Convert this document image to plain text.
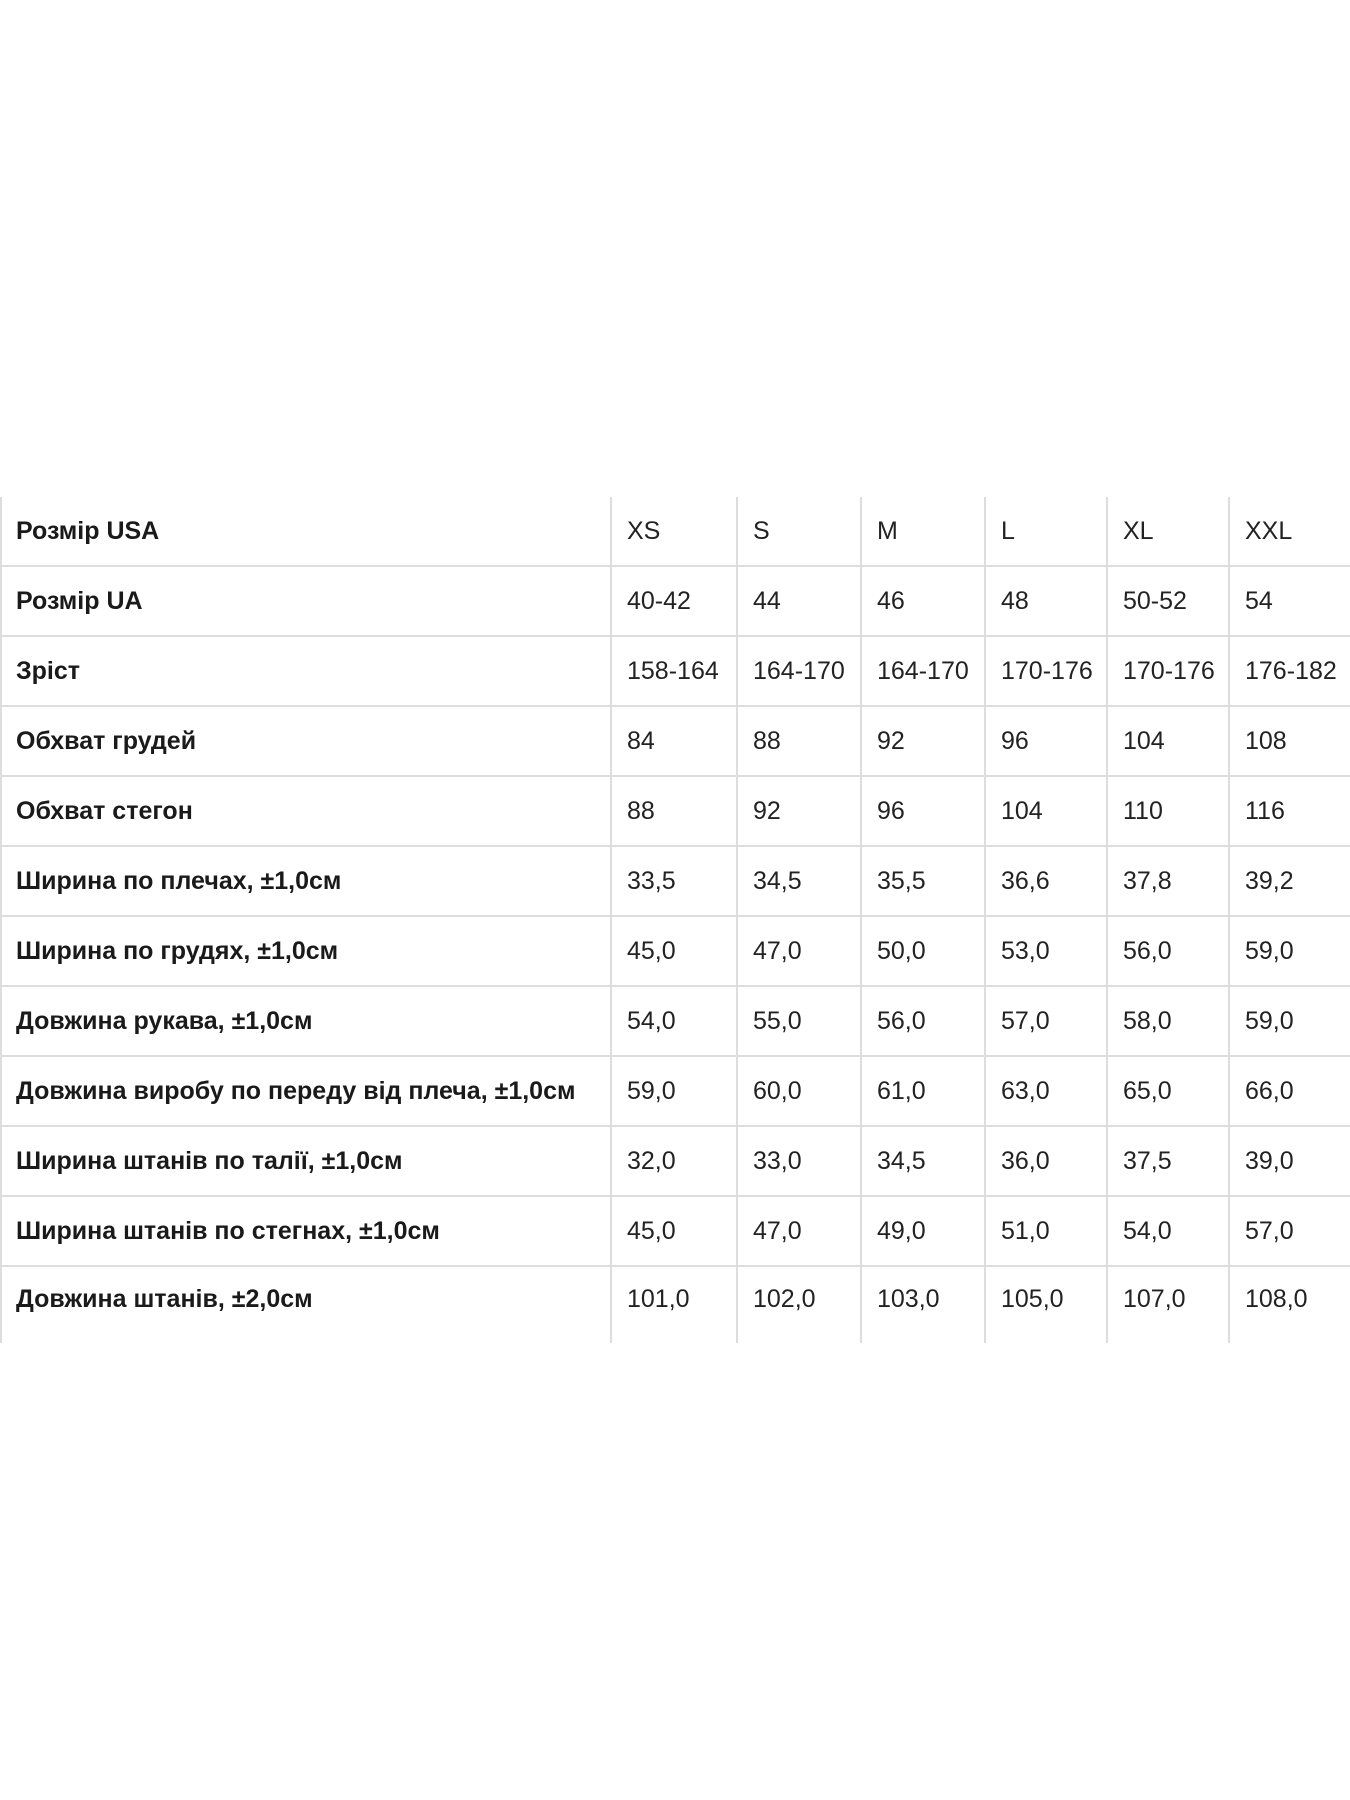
Розмір USA	XS	S	M	L	XL	XXL
Розмір UA	40-42	44	46	48	50-52	54
Зріст	158-164	164-170	164-170	170-176	170-176	176-182
Обхват грудей	84	88	92	96	104	108
Обхват стегон	88	92	96	104	110	116
Ширина по плечах, ±1,0см	33,5	34,5	35,5	36,6	37,8	39,2
Ширина по грудях, ±1,0см	45,0	47,0	50,0	53,0	56,0	59,0
Довжина рукава, ±1,0см	54,0	55,0	56,0	57,0	58,0	59,0
Довжина виробу по переду від плеча, ±1,0см	59,0	60,0	61,0	63,0	65,0	66,0
Ширина штанів по талії, ±1,0см	32,0	33,0	34,5	36,0	37,5	39,0
Ширина штанів по стегнах, ±1,0см	45,0	47,0	49,0	51,0	54,0	57,0
Довжина штанів, ±2,0см	101,0	102,0	103,0	105,0	107,0	108,0
